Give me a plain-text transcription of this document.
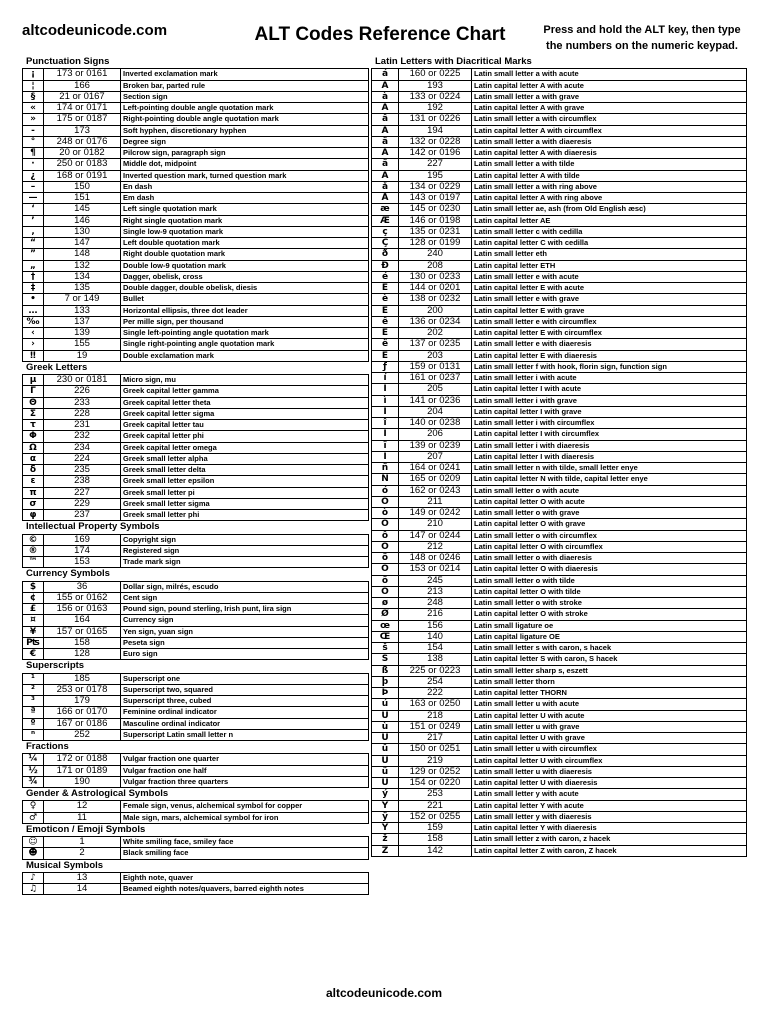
altcodeunicode.com	ALT Codes Reference Chart	Press and hold the ALT key, then type
the numbers on the numeric keypad.
Punctuation Signs
¡	173 or 0161	Inverted exclamation mark
¦	166	Broken bar, parted rule
§	21 or 0167	Section sign
«	174 or 0171	Left-pointing double angle quotation mark
»	175 or 0187	Right-pointing double angle quotation mark
-	173	Soft hyphen, discretionary hyphen
°	248 or 0176	Degree sign
¶	20 or 0182	Pilcrow sign, paragraph sign
·	250 or 0183	Middle dot, midpoint
¿	168 or 0191	Inverted question mark, turned question mark
–	150	En dash
—	151	Em dash
‘	145	Left single quotation mark
’	146	Right single quotation mark
‚	130	Single low-9 quotation mark
“	147	Left double quotation mark
”	148	Right double quotation mark
„	132	Double low-9 quotation mark
†	134	Dagger, obelisk, cross
‡	135	Double dagger, double obelisk, diesis
•	7 or 149	Bullet
…	133	Horizontal ellipsis, three dot leader
‰	137	Per mille sign, per thousand
‹	139	Single left-pointing angle quotation mark
›	155	Single right-pointing angle quotation mark
‼	19	Double exclamation mark
Greek Letters
µ	230 or 0181	Micro sign, mu
Γ	226	Greek capital letter gamma
Θ	233	Greek capital letter theta
Σ	228	Greek capital letter sigma
τ	231	Greek capital letter tau
Φ	232	Greek capital letter phi
Ω	234	Greek capital letter omega
α	224	Greek small letter alpha
δ	235	Greek small letter delta
ε	238	Greek small letter epsilon
π	227	Greek small letter pi
σ	229	Greek small letter sigma
φ	237	Greek small letter phi
Intellectual Property Symbols
©	169	Copyright sign
®	174	Registered sign
™	153	Trade mark sign
Currency Symbols
$	36	Dollar sign, milrés, escudo
¢	155 or 0162	Cent sign
£	156 or 0163	Pound sign, pound sterling, Irish punt, lira sign
¤	164	Currency sign
¥	157 or 0165	Yen sign, yuan sign
₧	158	Peseta sign
€	128	Euro sign
Superscripts
¹	185	Superscript one
²	253 or 0178	Superscript two, squared
³	179	Superscript three, cubed
ª	166 or 0170	Feminine ordinal indicator
º	167 or 0186	Masculine ordinal indicator
ⁿ	252	Superscript Latin small letter n
Fractions
¼	172 or 0188	Vulgar fraction one quarter
½	171 or 0189	Vulgar fraction one half
¾	190	Vulgar fraction three quarters
Gender & Astrological Symbols
♀	12	Female sign, venus, alchemical symbol for copper
♂	11	Male sign, mars, alchemical symbol for iron
Emoticon / Emoji Symbols
☺	1	White smiling face, smiley face
☻	2	Black smiling face
Musical Symbols
♪	13	Eighth note, quaver
♫	14	Beamed eighth notes/quavers, barred eighth notes
Latin Letters with Diacritical Marks
á	160 or 0225	Latin small letter a with acute
Á	193	Latin capital letter A with acute
à	133 or 0224	Latin small letter a with grave
À	192	Latin capital letter A with grave
â	131 or 0226	Latin small letter a with circumflex
Â	194	Latin capital letter A with circumflex
ä	132 or 0228	Latin small letter a with diaeresis
Ä	142 or 0196	Latin capital letter A with diaeresis
ã	227	Latin small letter a with tilde
Ã	195	Latin capital letter A with tilde
å	134 or 0229	Latin small letter a with ring above
Å	143 or 0197	Latin capital letter A with ring above
æ	145 or 0230	Latin small letter ae, ash (from Old English æsc)
Æ	146 or 0198	Latin capital letter AE
ç	135 or 0231	Latin small letter c with cedilla
Ç	128 or 0199	Latin capital letter C with cedilla
ð	240	Latin small letter eth
Ð	208	Latin capital letter ETH
é	130 or 0233	Latin small letter e with acute
É	144 or 0201	Latin capital letter E with acute
è	138 or 0232	Latin small letter e with grave
È	200	Latin capital letter E with grave
ê	136 or 0234	Latin small letter e with circumflex
Ê	202	Latin capital letter E with circumflex
ë	137 or 0235	Latin small letter e with diaeresis
Ë	203	Latin capital letter E with diaeresis
ƒ	159 or 0131	Latin small letter f with hook, florin sign, function sign
í	161 or 0237	Latin small letter i with acute
Í	205	Latin capital letter I with acute
ì	141 or 0236	Latin small letter i with grave
Ì	204	Latin capital letter I with grave
î	140 or 0238	Latin small letter i with circumflex
Î	206	Latin capital letter I with circumflex
ï	139 or 0239	Latin small letter i with diaeresis
Ï	207	Latin capital letter I with diaeresis
ñ	164 or 0241	Latin small letter n with tilde, small letter enye
Ñ	165 or 0209	Latin capital letter N with tilde, capital letter enye
ó	162 or 0243	Latin small letter o with acute
Ó	211	Latin capital letter O with acute
ò	149 or 0242	Latin small letter o with grave
Ò	210	Latin capital letter O with grave
ô	147 or 0244	Latin small letter o with circumflex
Ô	212	Latin capital letter O with circumflex
ö	148 or 0246	Latin small letter o with diaeresis
Ö	153 or 0214	Latin capital letter O with diaeresis
õ	245	Latin small letter o with tilde
Õ	213	Latin capital letter O with tilde
ø	248	Latin small letter o with stroke
Ø	216	Latin capital letter O with stroke
œ	156	Latin small ligature oe
Œ	140	Latin capital ligature OE
š	154	Latin small letter s with caron, s hacek
Š	138	Latin capital letter S with caron, S hacek
ß	225 or 0223	Latin small letter sharp s, eszett
þ	254	Latin small letter thorn
Þ	222	Latin capital letter THORN
ú	163 or 0250	Latin small letter u with acute
Ú	218	Latin capital letter U with acute
ù	151 or 0249	Latin small letter u with grave
Ù	217	Latin capital letter U with grave
û	150 or 0251	Latin small letter u with circumflex
Û	219	Latin capital letter U with circumflex
ü	129 or 0252	Latin small letter u with diaeresis
Ü	154 or 0220	Latin capital letter U with diaeresis
ý	253	Latin small letter y with acute
Ý	221	Latin capital letter Y with acute
ÿ	152 or 0255	Latin small letter y with diaeresis
Ÿ	159	Latin capital letter Y with diaeresis
ž	158	Latin small letter z with caron, z hacek
Ž	142	Latin capital letter Z with caron, Z hacek
altcodeunicode.com
